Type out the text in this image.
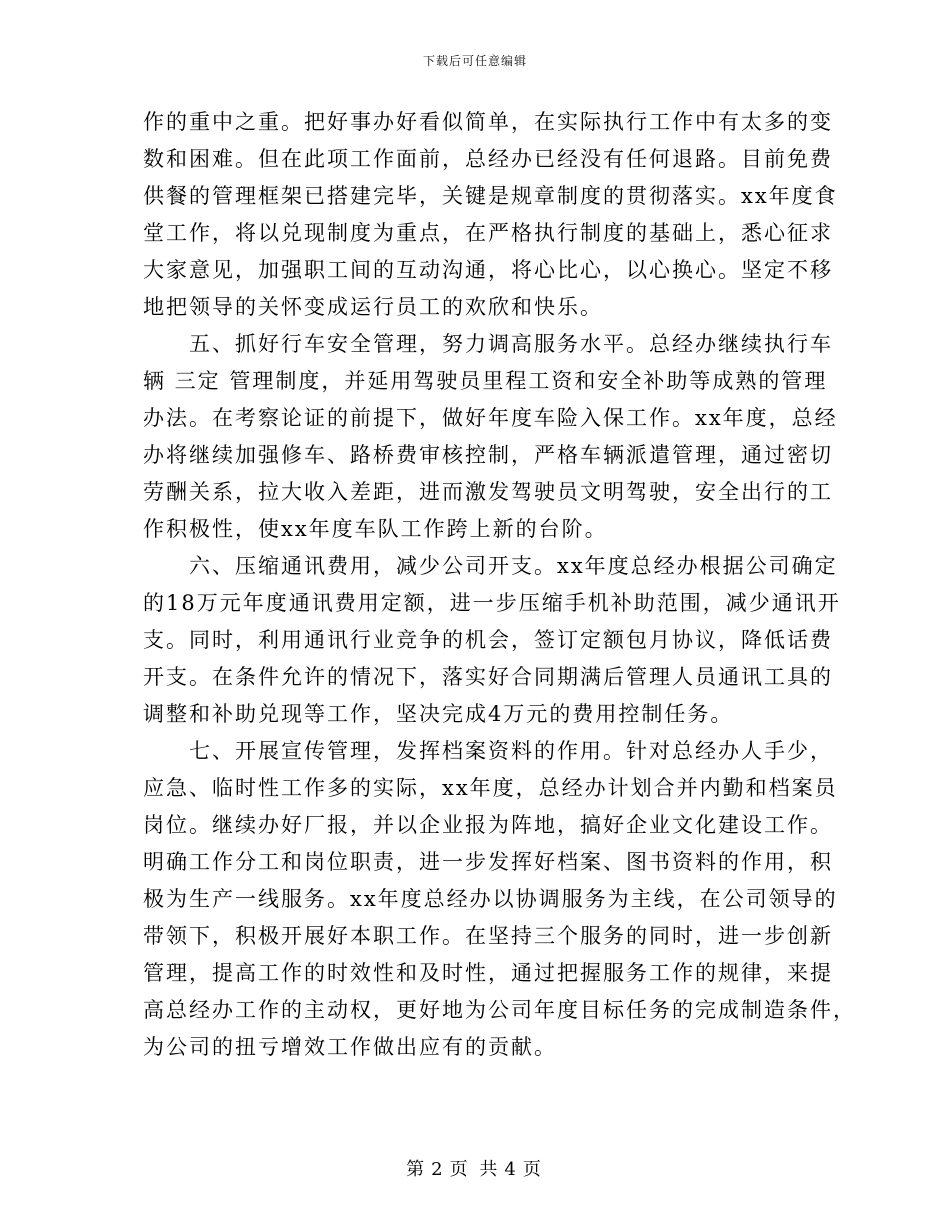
下载后可任意编辑
作的重中之重。把好事办好看似简单，在实际执行工作中有太多的变
数和困难。但在此项工作面前，总经办已经没有任何退路。目前免费
供餐的管理框架已搭建完毕，关键是规章制度的贯彻落实。xx年度食
堂工作，将以兑现制度为重点，在严格执行制度的基础上，悉心征求
大家意见，加强职工间的互动沟通，将心比心，以心换心。坚定不移
地把领导的关怀变成运行员工的欢欣和快乐。
　　五、抓好行车安全管理，努力调高服务水平。总经办继续执行车
辆 三定 管理制度，并延用驾驶员里程工资和安全补助等成熟的管理
办法。在考察论证的前提下，做好年度车险入保工作。xx年度，总经
办将继续加强修车、路桥费审核控制，严格车辆派遣管理，通过密切
劳酬关系，拉大收入差距，进而激发驾驶员文明驾驶，安全出行的工
作积极性，使xx年度车队工作跨上新的台阶。
　　六、压缩通讯费用，减少公司开支。xx年度总经办根据公司确定
的18万元年度通讯费用定额，进一步压缩手机补助范围，减少通讯开
支。同时，利用通讯行业竞争的机会，签订定额包月协议，降低话费
开支。在条件允许的情况下，落实好合同期满后管理人员通讯工具的
调整和补助兑现等工作，坚决完成4万元的费用控制任务。
　　七、开展宣传管理，发挥档案资料的作用。针对总经办人手少，
应急、临时性工作多的实际，xx年度，总经办计划合并内勤和档案员
岗位。继续办好厂报，并以企业报为阵地，搞好企业文化建设工作。
明确工作分工和岗位职责，进一步发挥好档案、图书资料的作用，积
极为生产一线服务。xx年度总经办以协调服务为主线，在公司领导的
带领下，积极开展好本职工作。在坚持三个服务的同时，进一步创新
管理，提高工作的时效性和及时性，通过把握服务工作的规律，来提
高总经办工作的主动权，更好地为公司年度目标任务的完成制造条件，
为公司的扭亏增效工作做出应有的贡献。
第 2 页 共 4 页
